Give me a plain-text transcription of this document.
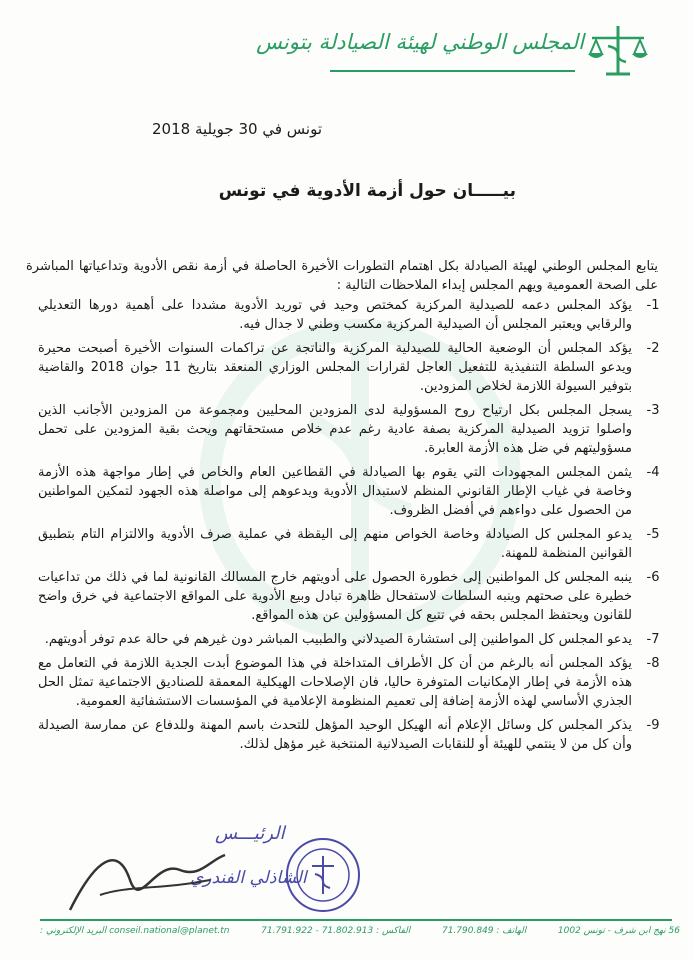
المجلس الوطني لهيئة الصيادلة بتونس
تونس في 30 جويلية 2018
بيـــــان حول أزمة الأدوية في تونس

يتابع المجلس الوطني لهيئة الصيادلة بكل اهتمام التطورات الأخيرة الحاصلة في أزمة نقص الأدوية وتداعياتها المباشرة على الصحة العمومية ويهم المجلس إبداء الملاحظات التالية :

1-
يؤكد المجلس دعمه للصيدلية المركزية كمختص وحيد في توريد الأدوية مشددا على أهمية دورها التعديلي والرقابي ويعتبر المجلس أن الصيدلية المركزية مكسب وطني لا جدال فيه.
2-
يؤكد المجلس أن الوضعية الحالية للصيدلية المركزية والناتجة عن تراكمات السنوات الأخيرة أصبحت محيرة ويدعو السلطة التنفيذية للتفعيل العاجل لقرارات المجلس الوزاري المنعقد بتاريخ 11 جوان 2018 والقاضية بتوفير السيولة اللازمة لخلاص المزودين.
3-
يسجل المجلس بكل ارتياح روح المسؤولية لدى المزودين المحليين ومجموعة من المزودين الأجانب الذين واصلوا تزويد الصيدلية المركزية بصفة عادية رغم عدم خلاص مستحقاتهم ويحث بقية المزودين على تحمل مسؤوليتهم في ضل هذه الأزمة العابرة.
4-
يثمن المجلس المجهودات التي يقوم بها الصيادلة في القطاعين العام والخاص في إطار مواجهة هذه الأزمة وخاصة في غياب الإطار القانوني المنظم لاستبدال الأدوية ويدعوهم إلى مواصلة هذه الجهود لتمكين المواطنين من الحصول على دواءهم في أفضل الظروف.
5-
يدعو المجلس كل الصيادلة وخاصة الخواص منهم إلى اليقظة في عملية صرف الأدوية والالتزام التام بتطبيق القوانين المنظمة للمهنة.
6-
ينبه المجلس كل المواطنين إلى خطورة الحصول على أدويتهم خارج المسالك القانونية لما في ذلك من تداعيات خطيرة على صحتهم وينبه السلطات لاستفحال ظاهرة تبادل وبيع الأدوية على المواقع الاجتماعية في خرق واضح للقانون ويحتفظ المجلس بحقه في تتبع كل المسؤولين عن هذه المواقع.
7-
يدعو المجلس كل المواطنين إلى استشارة الصيدلاني والطبيب المباشر دون غيرهم في حالة عدم توفر أدويتهم.
8-
يؤكد المجلس أنه بالرغم من أن كل الأطراف المتداخلة في هذا الموضوع أبدت الجدية اللازمة في التعامل مع هذه الأزمة في إطار الإمكانيات المتوفرة حاليا، فان الإصلاحات الهيكلية المعمقة للصناديق الاجتماعية تمثل الحل الجذري الأساسي لهذه الأزمة إضافة إلى تعميم المنظومة الإعلامية في المؤسسات الاستشفائية العمومية.
9-
يذكر المجلس كل وسائل الإعلام أنه الهيكل الوحيد المؤهل للتحدث باسم المهنة وللدفاع عن ممارسة الصيدلة وأن كل من لا ينتمي للهيئة أو للنقابات الصيدلانية المنتخبة غير مؤهل لذلك.
الرئيـــس
الشاذلي الفندري
conseil.national@planet.tn البريد الإلكتروني :	الفاكس : 71.802.913 - 71.791.922	الهاتف : 71.790.849	56 نهج ابن شرف - تونس 1002
